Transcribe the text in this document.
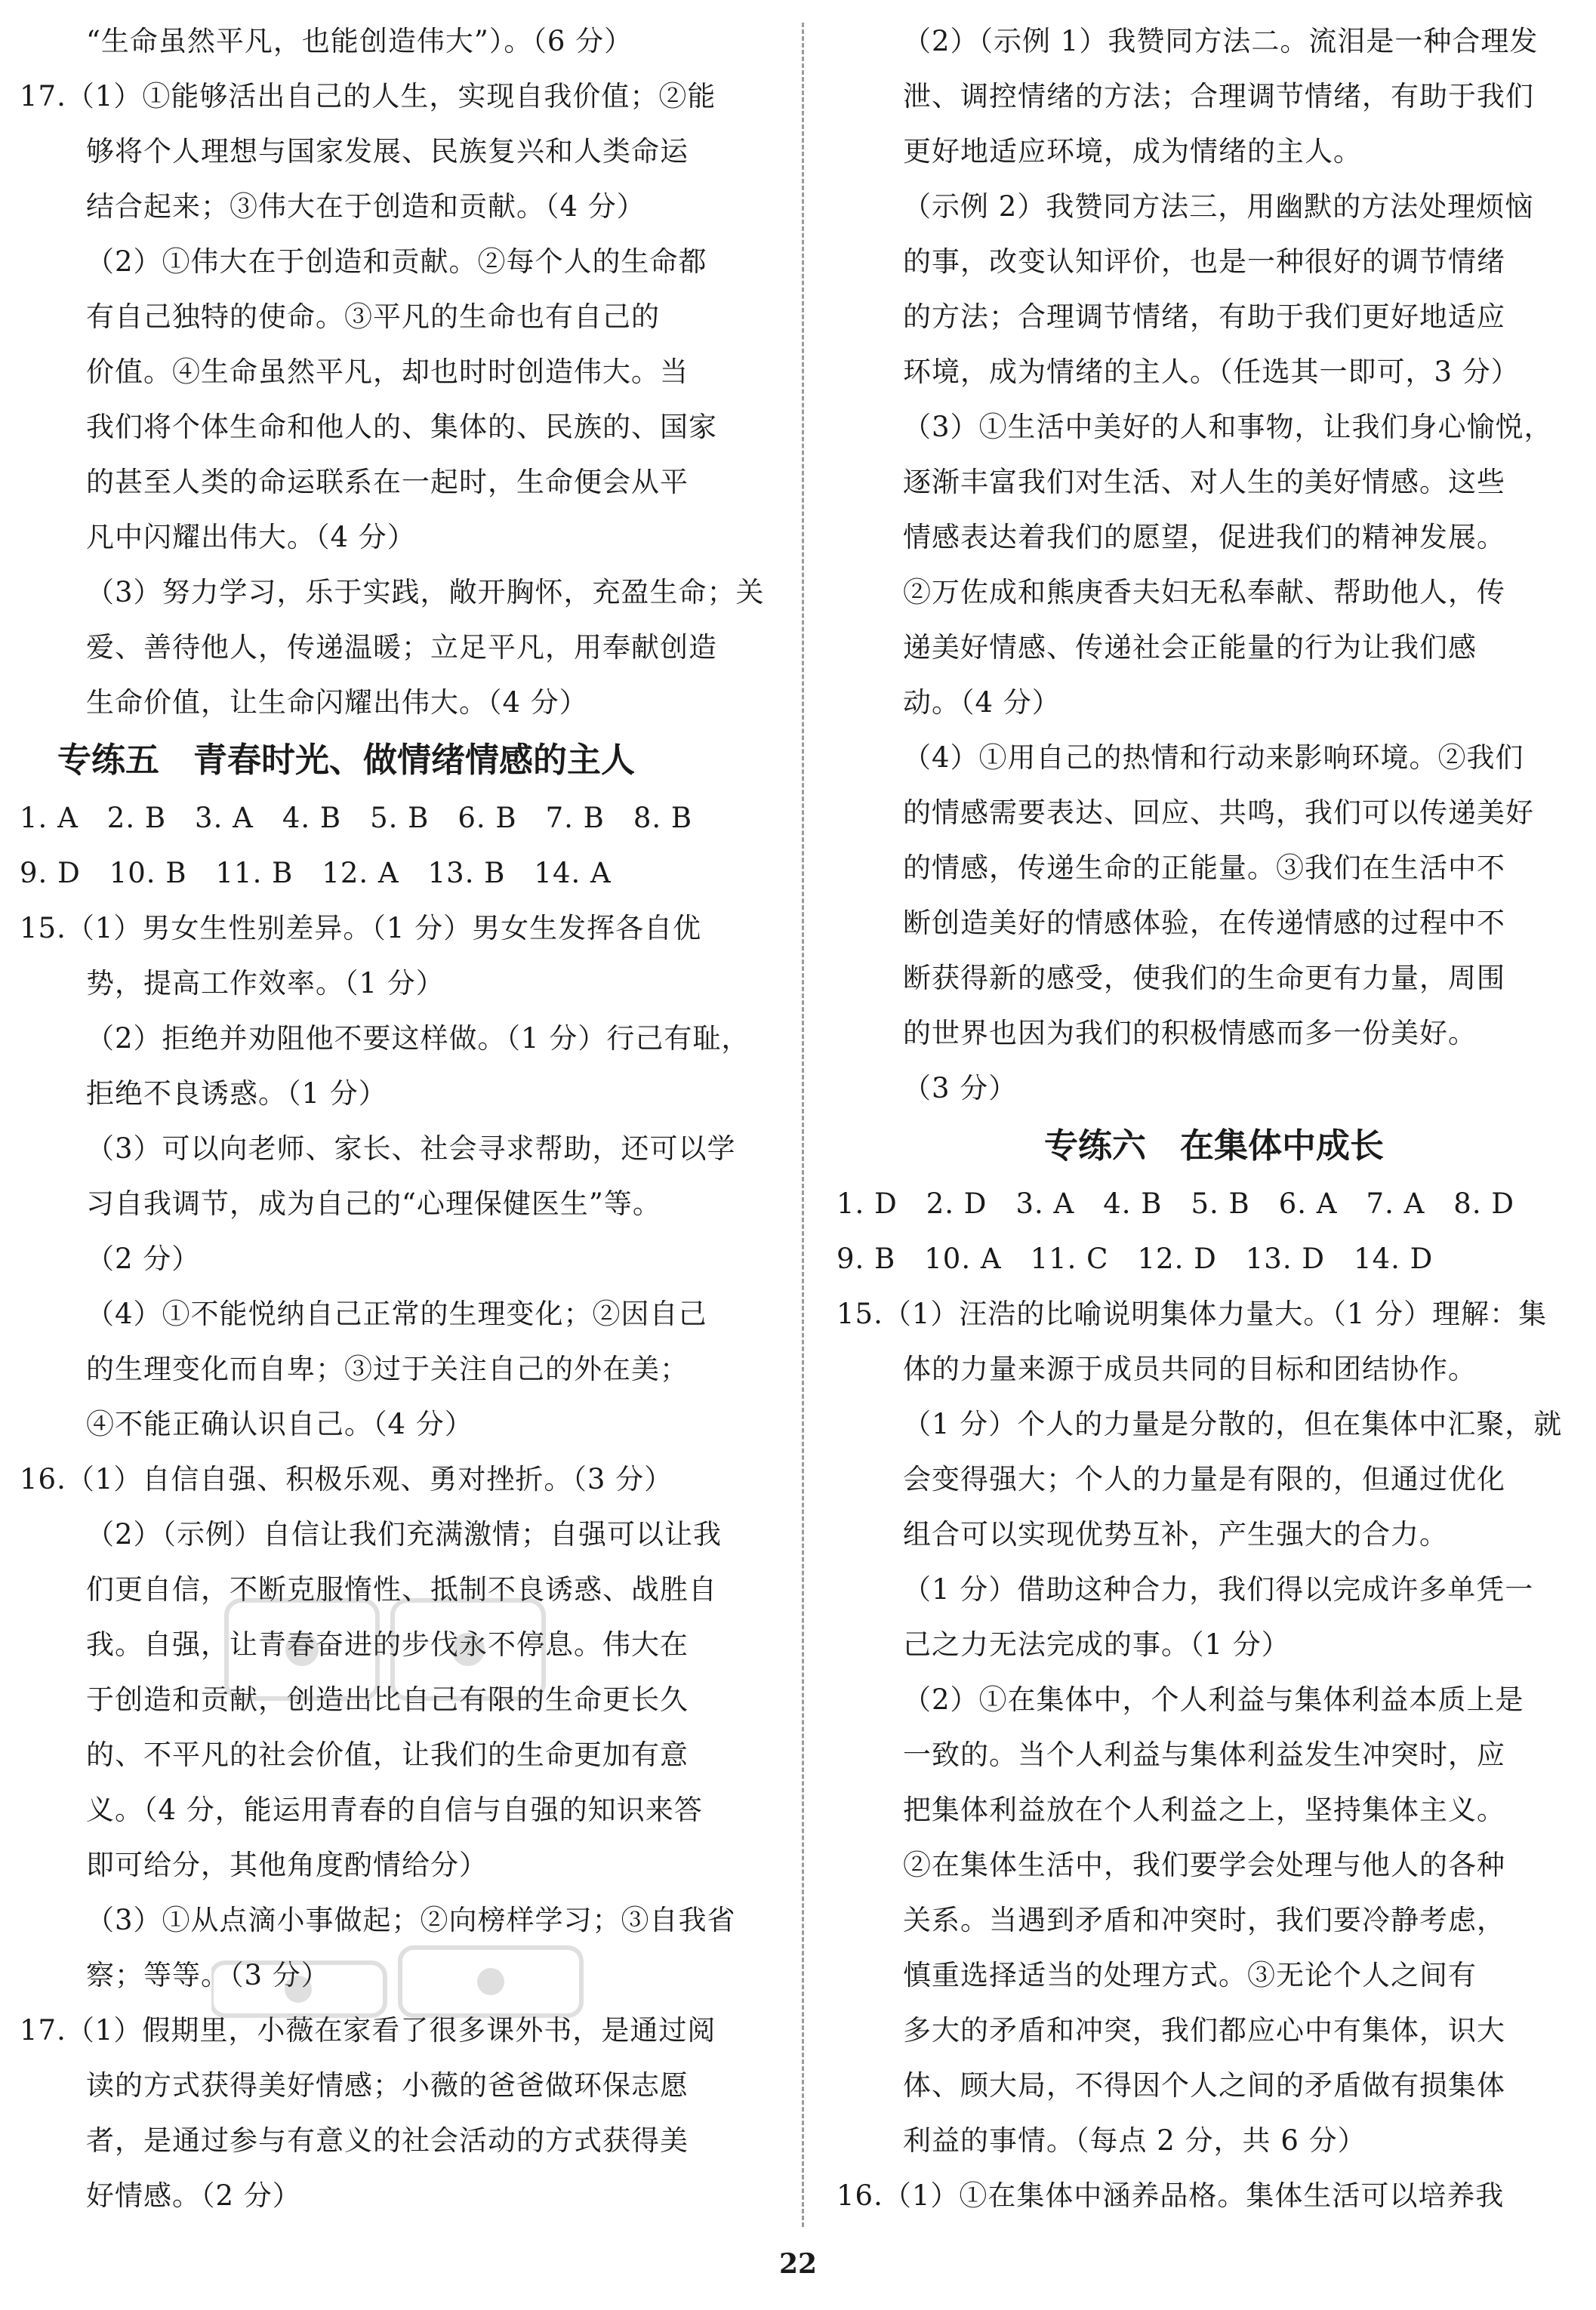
“生命虽然平凡，也能创造伟大”）。（6 分）
17.（1）①能够活出自己的人生，实现自我价值；②能
够将个人理想与国家发展、民族复兴和人类命运
结合起来；③伟大在于创造和贡献。（4 分）
（2）①伟大在于创造和贡献。②每个人的生命都
有自己独特的使命。③平凡的生命也有自己的
价值。④生命虽然平凡，却也时时创造伟大。当
我们将个体生命和他人的、集体的、民族的、国家
的甚至人类的命运联系在一起时，生命便会从平
凡中闪耀出伟大。（4 分）
（3）努力学习，乐于实践，敞开胸怀，充盈生命；关
爱、善待他人，传递温暖；立足平凡，用奉献创造
生命价值，让生命闪耀出伟大。（4 分）
专练五　青春时光、做情绪情感的主人
1. A　2. B　3. A　4. B　5. B　6. B　7. B　8. B
9. D　10. B　11. B　12. A　13. B　14. A
15.（1）男女生性别差异。（1 分）男女生发挥各自优
势，提高工作效率。（1 分）
（2）拒绝并劝阻他不要这样做。（1 分）行己有耻，
拒绝不良诱惑。（1 分）
（3）可以向老师、家长、社会寻求帮助，还可以学
习自我调节，成为自己的“心理保健医生”等。
（2 分）
（4）①不能悦纳自己正常的生理变化；②因自己
的生理变化而自卑；③过于关注自己的外在美；
④不能正确认识自己。（4 分）
16.（1）自信自强、积极乐观、勇对挫折。（3 分）
（2）（示例）自信让我们充满激情；自强可以让我
们更自信，不断克服惰性、抵制不良诱惑、战胜自
我。自强，让青春奋进的步伐永不停息。伟大在
于创造和贡献，创造出比自己有限的生命更长久
的、不平凡的社会价值，让我们的生命更加有意
义。（4 分，能运用青春的自信与自强的知识来答
即可给分，其他角度酌情给分）
（3）①从点滴小事做起；②向榜样学习；③自我省
察；等等。（3 分）
17.（1）假期里，小薇在家看了很多课外书，是通过阅
读的方式获得美好情感；小薇的爸爸做环保志愿
者，是通过参与有意义的社会活动的方式获得美
好情感。（2 分）
（2）（示例 1）我赞同方法二。流泪是一种合理发
泄、调控情绪的方法；合理调节情绪，有助于我们
更好地适应环境，成为情绪的主人。
（示例 2）我赞同方法三，用幽默的方法处理烦恼
的事，改变认知评价，也是一种很好的调节情绪
的方法；合理调节情绪，有助于我们更好地适应
环境，成为情绪的主人。（任选其一即可，3 分）
（3）①生活中美好的人和事物，让我们身心愉悦，
逐渐丰富我们对生活、对人生的美好情感。这些
情感表达着我们的愿望，促进我们的精神发展。
②万佐成和熊庚香夫妇无私奉献、帮助他人，传
递美好情感、传递社会正能量的行为让我们感
动。（4 分）
（4）①用自己的热情和行动来影响环境。②我们
的情感需要表达、回应、共鸣，我们可以传递美好
的情感，传递生命的正能量。③我们在生活中不
断创造美好的情感体验，在传递情感的过程中不
断获得新的感受，使我们的生命更有力量，周围
的世界也因为我们的积极情感而多一份美好。
（3 分）
专练六　在集体中成长
1. D　2. D　3. A　4. B　5. B　6. A　7. A　8. D
9. B　10. A　11. C　12. D　13. D　14. D
15.（1）汪浩的比喻说明集体力量大。（1 分）理解：集
体的力量来源于成员共同的目标和团结协作。
（1 分）个人的力量是分散的，但在集体中汇聚，就
会变得强大；个人的力量是有限的，但通过优化
组合可以实现优势互补，产生强大的合力。
（1 分）借助这种合力，我们得以完成许多单凭一
己之力无法完成的事。（1 分）
（2）①在集体中，个人利益与集体利益本质上是
一致的。当个人利益与集体利益发生冲突时，应
把集体利益放在个人利益之上，坚持集体主义。
②在集体生活中，我们要学会处理与他人的各种
关系。当遇到矛盾和冲突时，我们要冷静考虑，
慎重选择适当的处理方式。③无论个人之间有
多大的矛盾和冲突，我们都应心中有集体，识大
体、顾大局，不得因个人之间的矛盾做有损集体
利益的事情。（每点 2 分，共 6 分）
16.（1）①在集体中涵养品格。集体生活可以培养我
22
